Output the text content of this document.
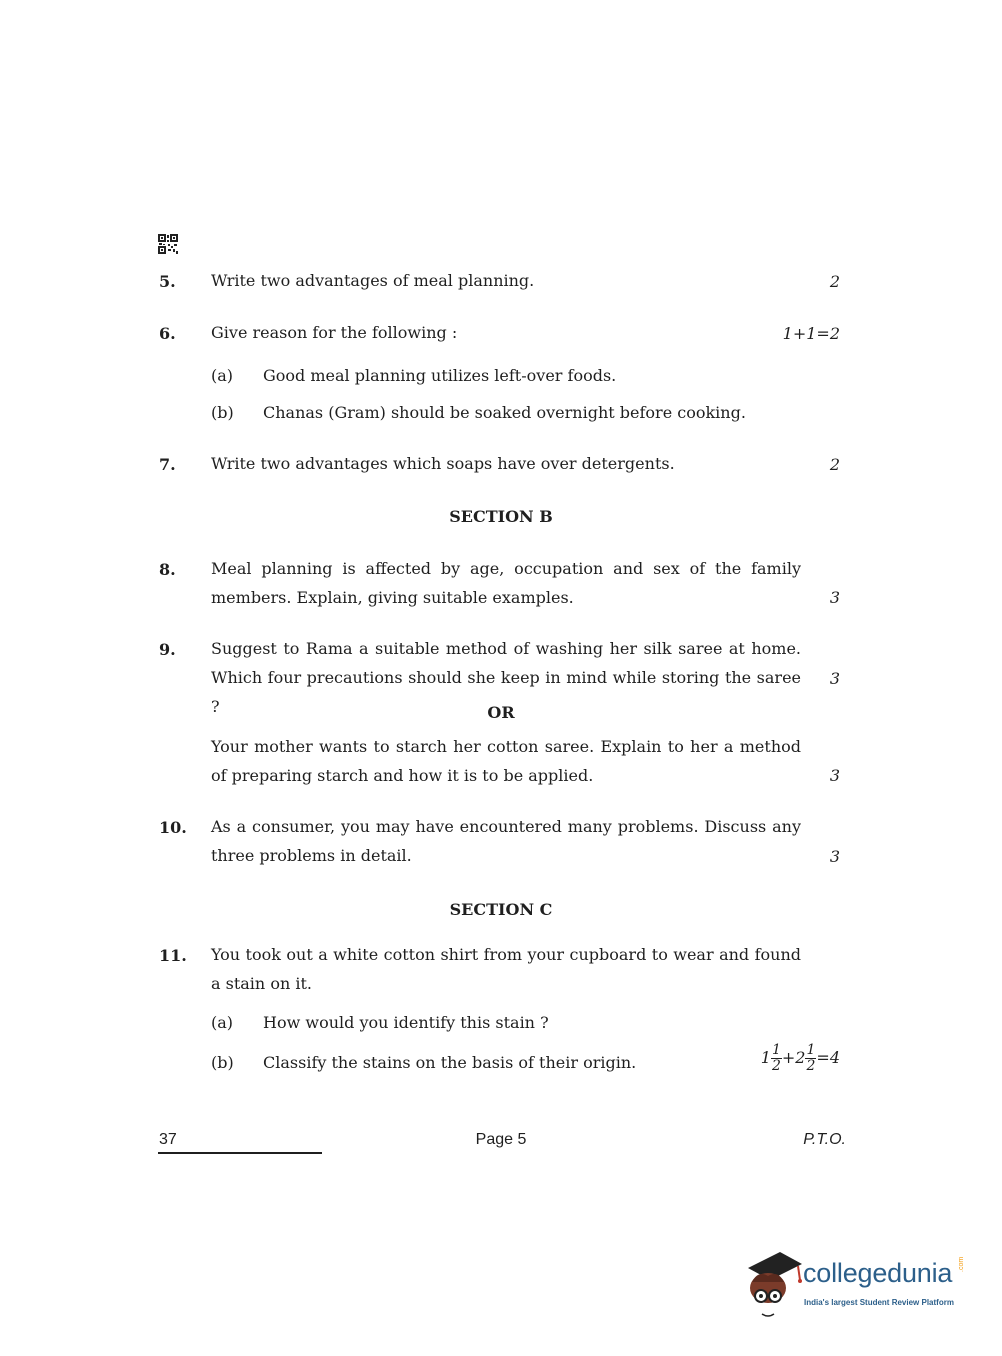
5. Write two advantages of meal planning.	2
6. Give reason for the following :	1+1=2
(a) Good meal planning utilizes left-over foods.
(b) Chanas (Gram) should be soaked overnight before cooking.
7. Write two advantages which soaps have over detergents.	2
SECTION B
8. Meal planning is affected by age, occupation and sex of the family members. Explain, giving suitable examples.	3
9. Suggest to Rama a suitable method of washing her silk saree at home. Which four precautions should she keep in mind while storing the saree ?
3
OR
Your mother wants to starch her cotton saree. Explain to her a method of preparing starch and how it is to be applied.	3
10. As a consumer, you may have encountered many problems. Discuss any three problems in detail.	3
SECTION C
11. You took out a white cotton shirt from your cupboard to wear and found a stain on it.
(a) How would you identify this stain ?
(b) Classify the stains on the basis of their origin.	$1 \frac{1}{2} +2 \frac{1}{2} =4$
37	Page 5	P.T.O.
collegedunia .com
India's largest Student Review Platform
